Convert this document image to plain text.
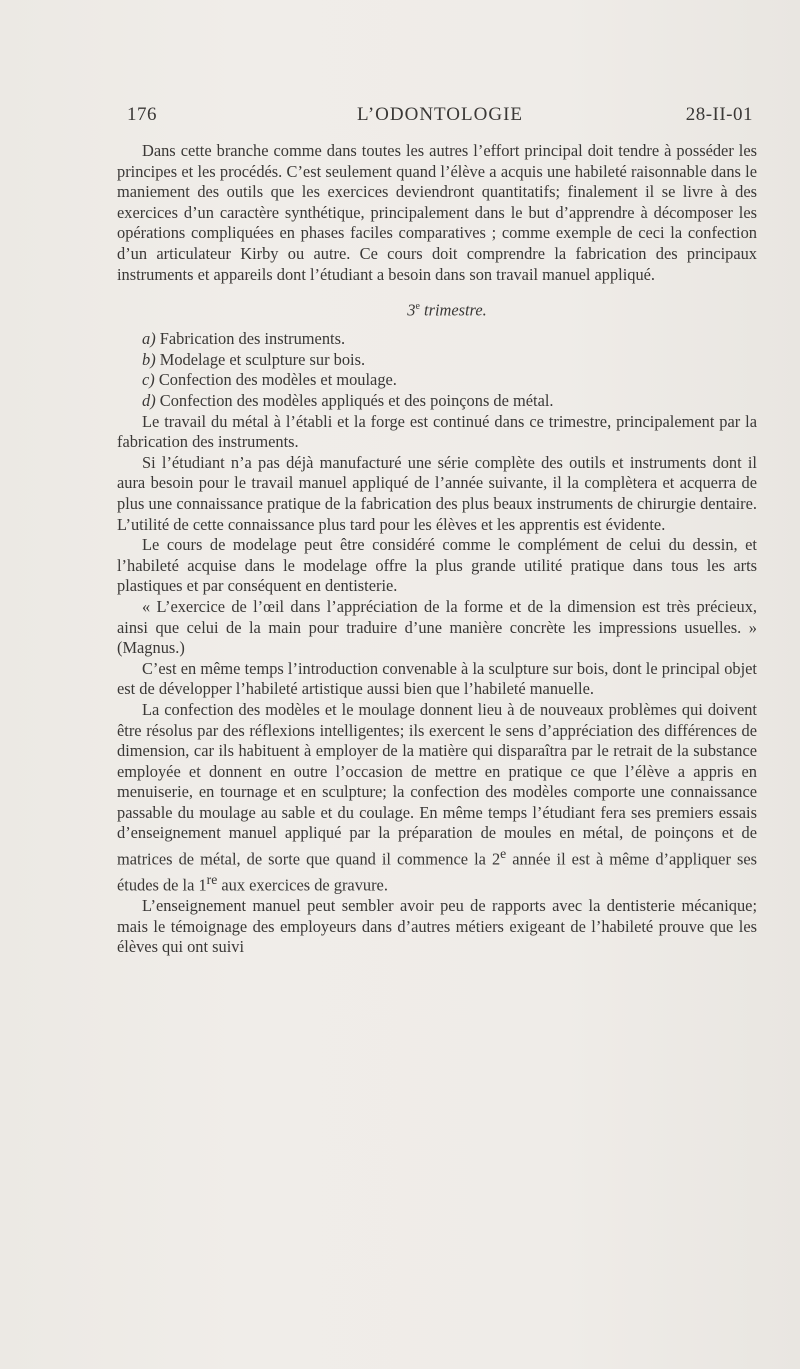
176	L’ODONTOLOGIE	28-II-01

Dans cette branche comme dans toutes les autres l’effort principal doit tendre à posséder les principes et les procédés. C’est seulement quand l’élève a acquis une habileté raisonnable dans le maniement des outils que les exercices deviendront quantitatifs; finalement il se livre à des exercices d’un caractère synthétique, principalement dans le but d’apprendre à décomposer les opérations compliquées en phases faciles comparatives ; comme exemple de ceci la confection d’un articulateur Kirby ou autre. Ce cours doit comprendre la fabrication des principaux instruments et appareils dont l’étudiant a besoin dans son travail manuel appliqué.

3e trimestre.

a) Fabrication des instruments.

b) Modelage et sculpture sur bois.

c) Confection des modèles et moulage.

d) Confection des modèles appliqués et des poinçons de métal.

Le travail du métal à l’établi et la forge est continué dans ce trimestre, principalement par la fabrication des instruments.

Si l’étudiant n’a pas déjà manufacturé une série complète des outils et instruments dont il aura besoin pour le travail manuel appliqué de l’année suivante, il la complètera et acquerra de plus une connaissance pratique de la fabrication des plus beaux instruments de chirurgie dentaire. L’utilité de cette connaissance plus tard pour les élèves et les apprentis est évidente.

Le cours de modelage peut être considéré comme le complément de celui du dessin, et l’habileté acquise dans le modelage offre la plus grande utilité pratique dans tous les arts plastiques et par conséquent en dentisterie.

« L’exercice de l’œil dans l’appréciation de la forme et de la dimension est très précieux, ainsi que celui de la main pour traduire d’une manière concrète les impressions usuelles. » (Magnus.)

C’est en même temps l’introduction convenable à la sculpture sur bois, dont le principal objet est de développer l’habileté artistique aussi bien que l’habileté manuelle.

La confection des modèles et le moulage donnent lieu à de nouveaux problèmes qui doivent être résolus par des réflexions intelligentes; ils exercent le sens d’appréciation des différences de dimension, car ils habituent à employer de la matière qui disparaîtra par le retrait de la substance employée et donnent en outre l’occasion de mettre en pratique ce que l’élève a appris en menuiserie, en tournage et en sculpture; la confection des modèles comporte une connaissance passable du moulage au sable et du coulage. En même temps l’étudiant fera ses premiers essais d’enseignement manuel appliqué par la préparation de moules en métal, de poinçons et de matrices de métal, de sorte que quand il commence la 2e année il est à même d’appliquer ses études de la 1re aux exercices de gravure.

L’enseignement manuel peut sembler avoir peu de rapports avec la dentisterie mécanique; mais le témoignage des employeurs dans d’autres métiers exigeant de l’habileté prouve que les élèves qui ont suivi
